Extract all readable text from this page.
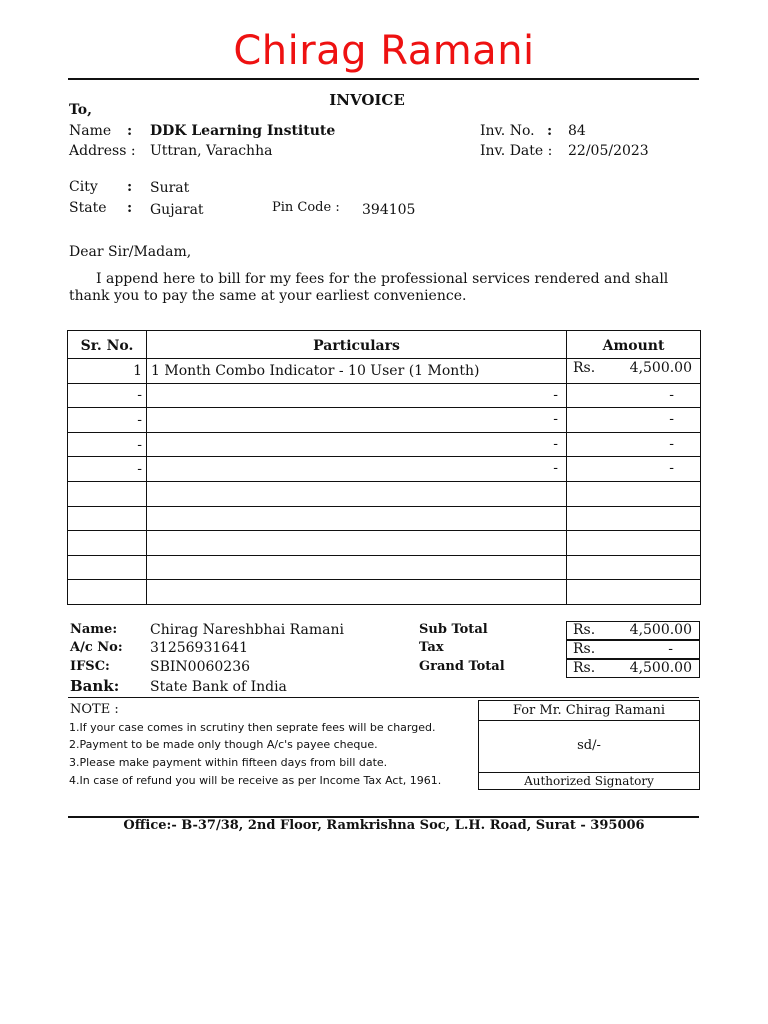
Chirag Ramani
INVOICE
To,
Name : DDK Learning Institute
Address : Uttran, Varachha
City : Surat
State : Gujarat	Pin Code : 394105
Inv. No. : 84
Inv. Date : 22/05/2023
Dear Sir/Madam,
I append here to bill for my fees for the professional services rendered and shall
thank you to pay the same at your earliest convenience.
Sr. No.	Particulars	Amount
1	1 Month Combo Indicator - 10 User (1 Month)	Rs. 4,500.00

-	-	-

-	-	-

-	-	-

-	-	-

Name: Chirag Nareshbhai Ramani
A/c No: 31256931641
IFSC:	SBIN0060236
Bank: State Bank of India
Sub Total	Rs. 4,500.00
Tax	Rs.	-
Grand Total	Rs. 4,500.00
NOTE :
1.If your case comes in scrutiny then seprate fees will be charged.
2.Payment to be made only though A/c's payee cheque.
3.Please make payment within fifteen days from bill date.
4.In case of refund you will be receive as per Income Tax Act, 1961.
For Mr. Chirag Ramani
sd/-
Authorized Signatory
Office:- B-37/38, 2nd Floor, Ramkrishna Soc, L.H. Road, Surat - 395006
